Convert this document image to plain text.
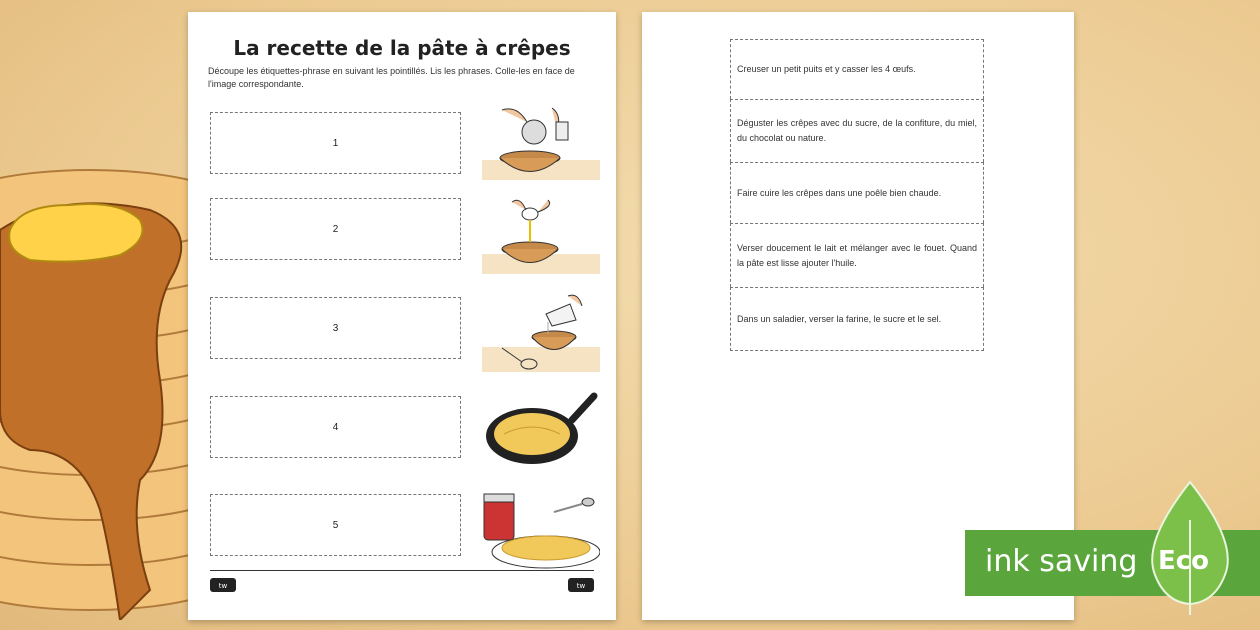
La recette de la pâte à crêpes
Découpe les étiquettes-phrase en suivant les pointillés. Lis les phrases. Colle-les en face de l'image correspondante.
1
2
3
4
5
tw	tw
Creuser un petit puits et y casser les 4 œufs.
Déguster les crêpes avec du sucre, de la confiture, du miel, du chocolat ou nature.
Faire cuire les crêpes dans une poêle bien chaude.
Verser doucement le lait et mélanger avec le fouet. Quand la pâte est lisse ajouter l'huile.
Dans un saladier, verser la farine, le sucre et le sel.
ink saving Eco
